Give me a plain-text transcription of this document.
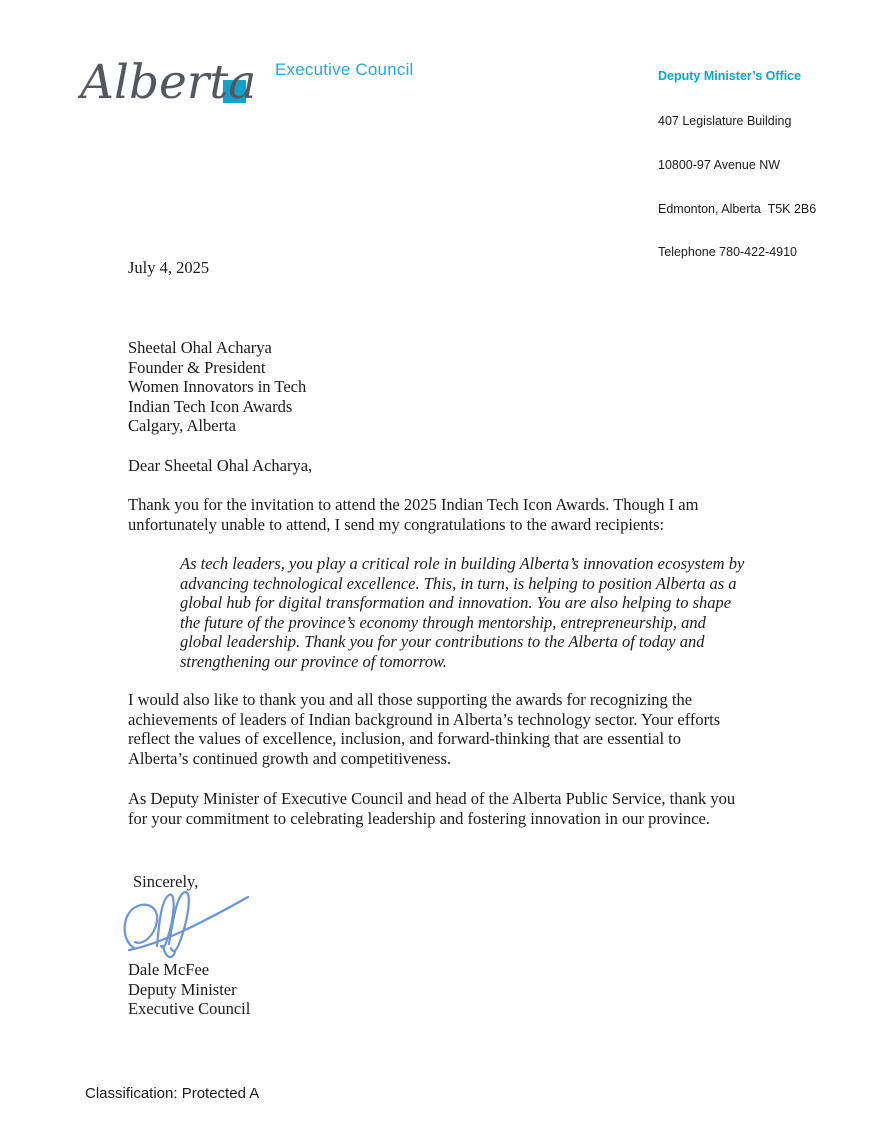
Alberta Executive Council

	Deputy Minister’s Office

407 Legislature Building

10800-97 Avenue NW

Edmonton, Alberta  T5K 2B6

Telephone 780-422-4910

July 4, 2025
Sheetal Ohal Acharya
Founder & President
Women Innovators in Tech
Indian Tech Icon Awards
Calgary, Alberta
Dear Sheetal Ohal Acharya,
Thank you for the invitation to attend the 2025 Indian Tech Icon Awards. Though I am unfortunately unable to attend, I send my congratulations to the award recipients:
As tech leaders, you play a critical role in building Alberta’s innovation ecosystem by advancing technological excellence. This, in turn, is helping to position Alberta as a global hub for digital transformation and innovation. You are also helping to shape the future of the province’s economy through mentorship, entrepreneurship, and global leadership. Thank you for your contributions to the Alberta of today and strengthening our province of tomorrow.
I would also like to thank you and all those supporting the awards for recognizing the achievements of leaders of Indian background in Alberta’s technology sector. Your efforts reflect the values of excellence, inclusion, and forward-thinking that are essential to Alberta’s continued growth and competitiveness.
As Deputy Minister of Executive Council and head of the Alberta Public Service, thank you for your commitment to celebrating leadership and fostering innovation in our province.
Sincerely,
Dale McFee
Deputy Minister
Executive Council
Classification: Protected A
